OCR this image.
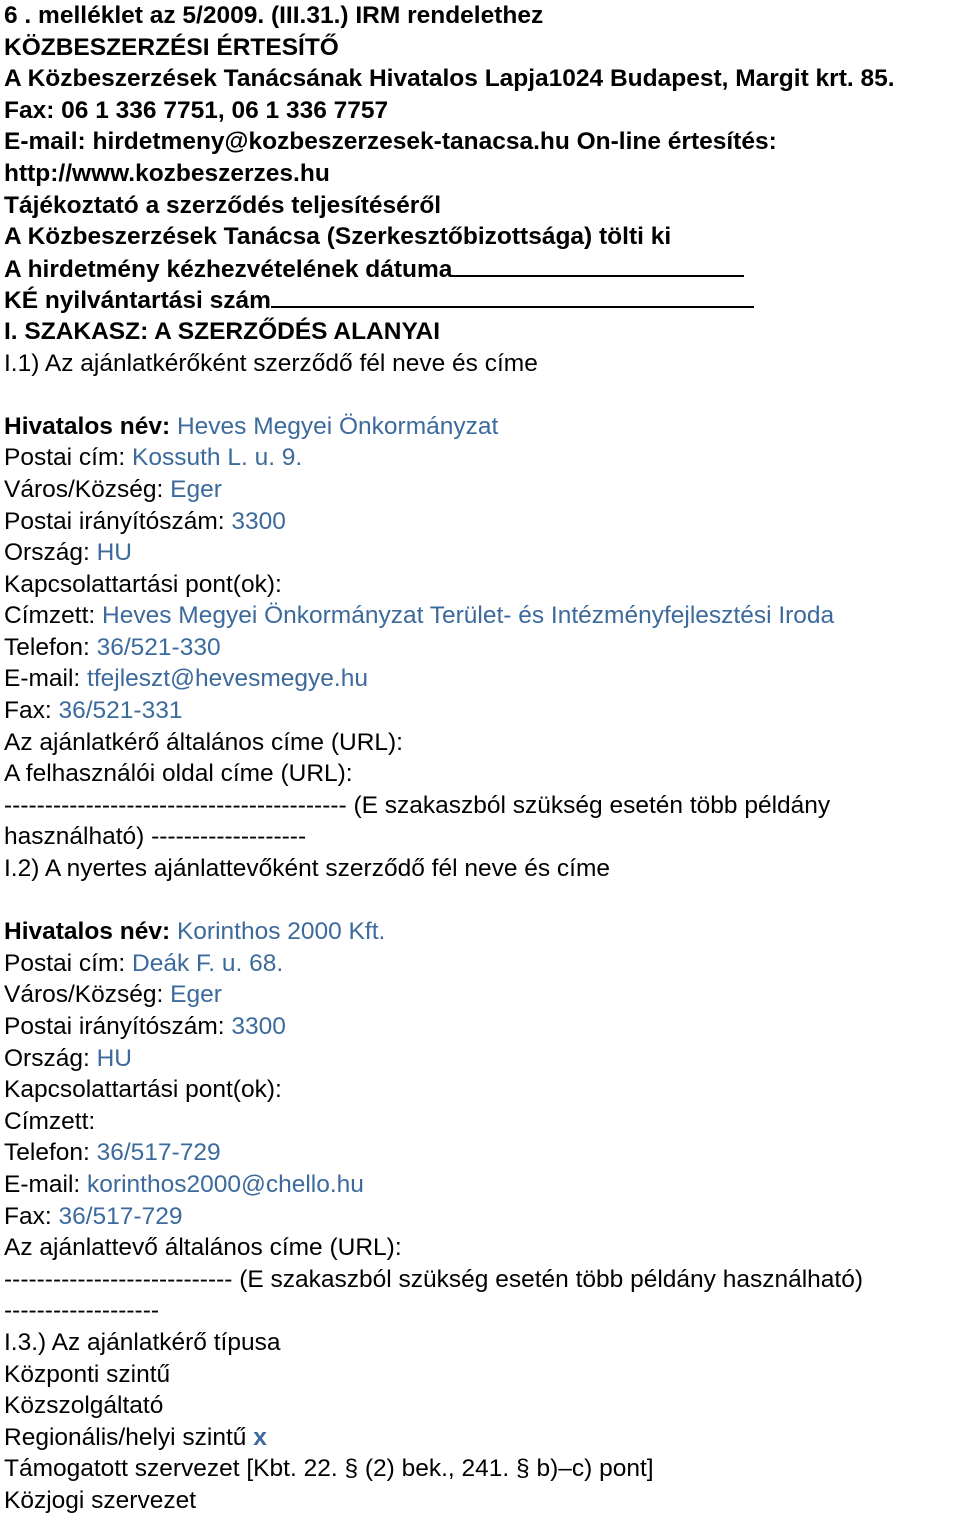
6 . melléklet az 5/2009. (III.31.) IRM rendelethez

KÖZBESZERZÉSI ÉRTESÍTŐ

A Közbeszerzések Tanácsának Hivatalos Lapja1024 Budapest, Margit krt. 85.

Fax: 06 1 336 7751, 06 1 336 7757

E-mail: hirdetmeny@kozbeszerzesek-tanacsa.hu On-line értesítés:

http://www.kozbeszerzes.hu

Tájékoztató a szerződés teljesítéséről

A Közbeszerzések Tanácsa (Szerkesztőbizottsága) tölti ki

A hirdetmény kézhezvételének dátuma

KÉ nyilvántartási szám

I. SZAKASZ: A SZERZŐDÉS ALANYAI

I.1) Az ajánlatkérőként szerződő fél neve és címe

Hivatalos név: Heves Megyei Önkormányzat

Postai cím: Kossuth L. u. 9.

Város/Község: Eger

Postai irányítószám: 3300

Ország: HU

Kapcsolattartási pont(ok):

Címzett: Heves Megyei Önkormányzat Terület- és Intézményfejlesztési Iroda

Telefon: 36/521-330

E-mail: tfejleszt@hevesmegye.hu

Fax: 36/521-331

Az ajánlatkérő általános címe (URL):

A felhasználói oldal címe (URL):

------------------------------------------ (E szakaszból szükség esetén több példány

használható) -------------------

I.2) A nyertes ajánlattevőként szerződő fél neve és címe

Hivatalos név: Korinthos 2000 Kft.

Postai cím: Deák F. u. 68.

Város/Község: Eger

Postai irányítószám: 3300

Ország: HU

Kapcsolattartási pont(ok):

Címzett:

Telefon: 36/517-729

E-mail: korinthos2000@chello.hu

Fax: 36/517-729

Az ajánlattevő általános címe (URL):

---------------------------- (E szakaszból szükség esetén több példány használható)

-------------------

I.3.) Az ajánlatkérő típusa

Központi szintű

Közszolgáltató

Regionális/helyi szintű x

Támogatott szervezet [Kbt. 22. § (2) bek., 241. § b)–c) pont]

Közjogi szervezet
